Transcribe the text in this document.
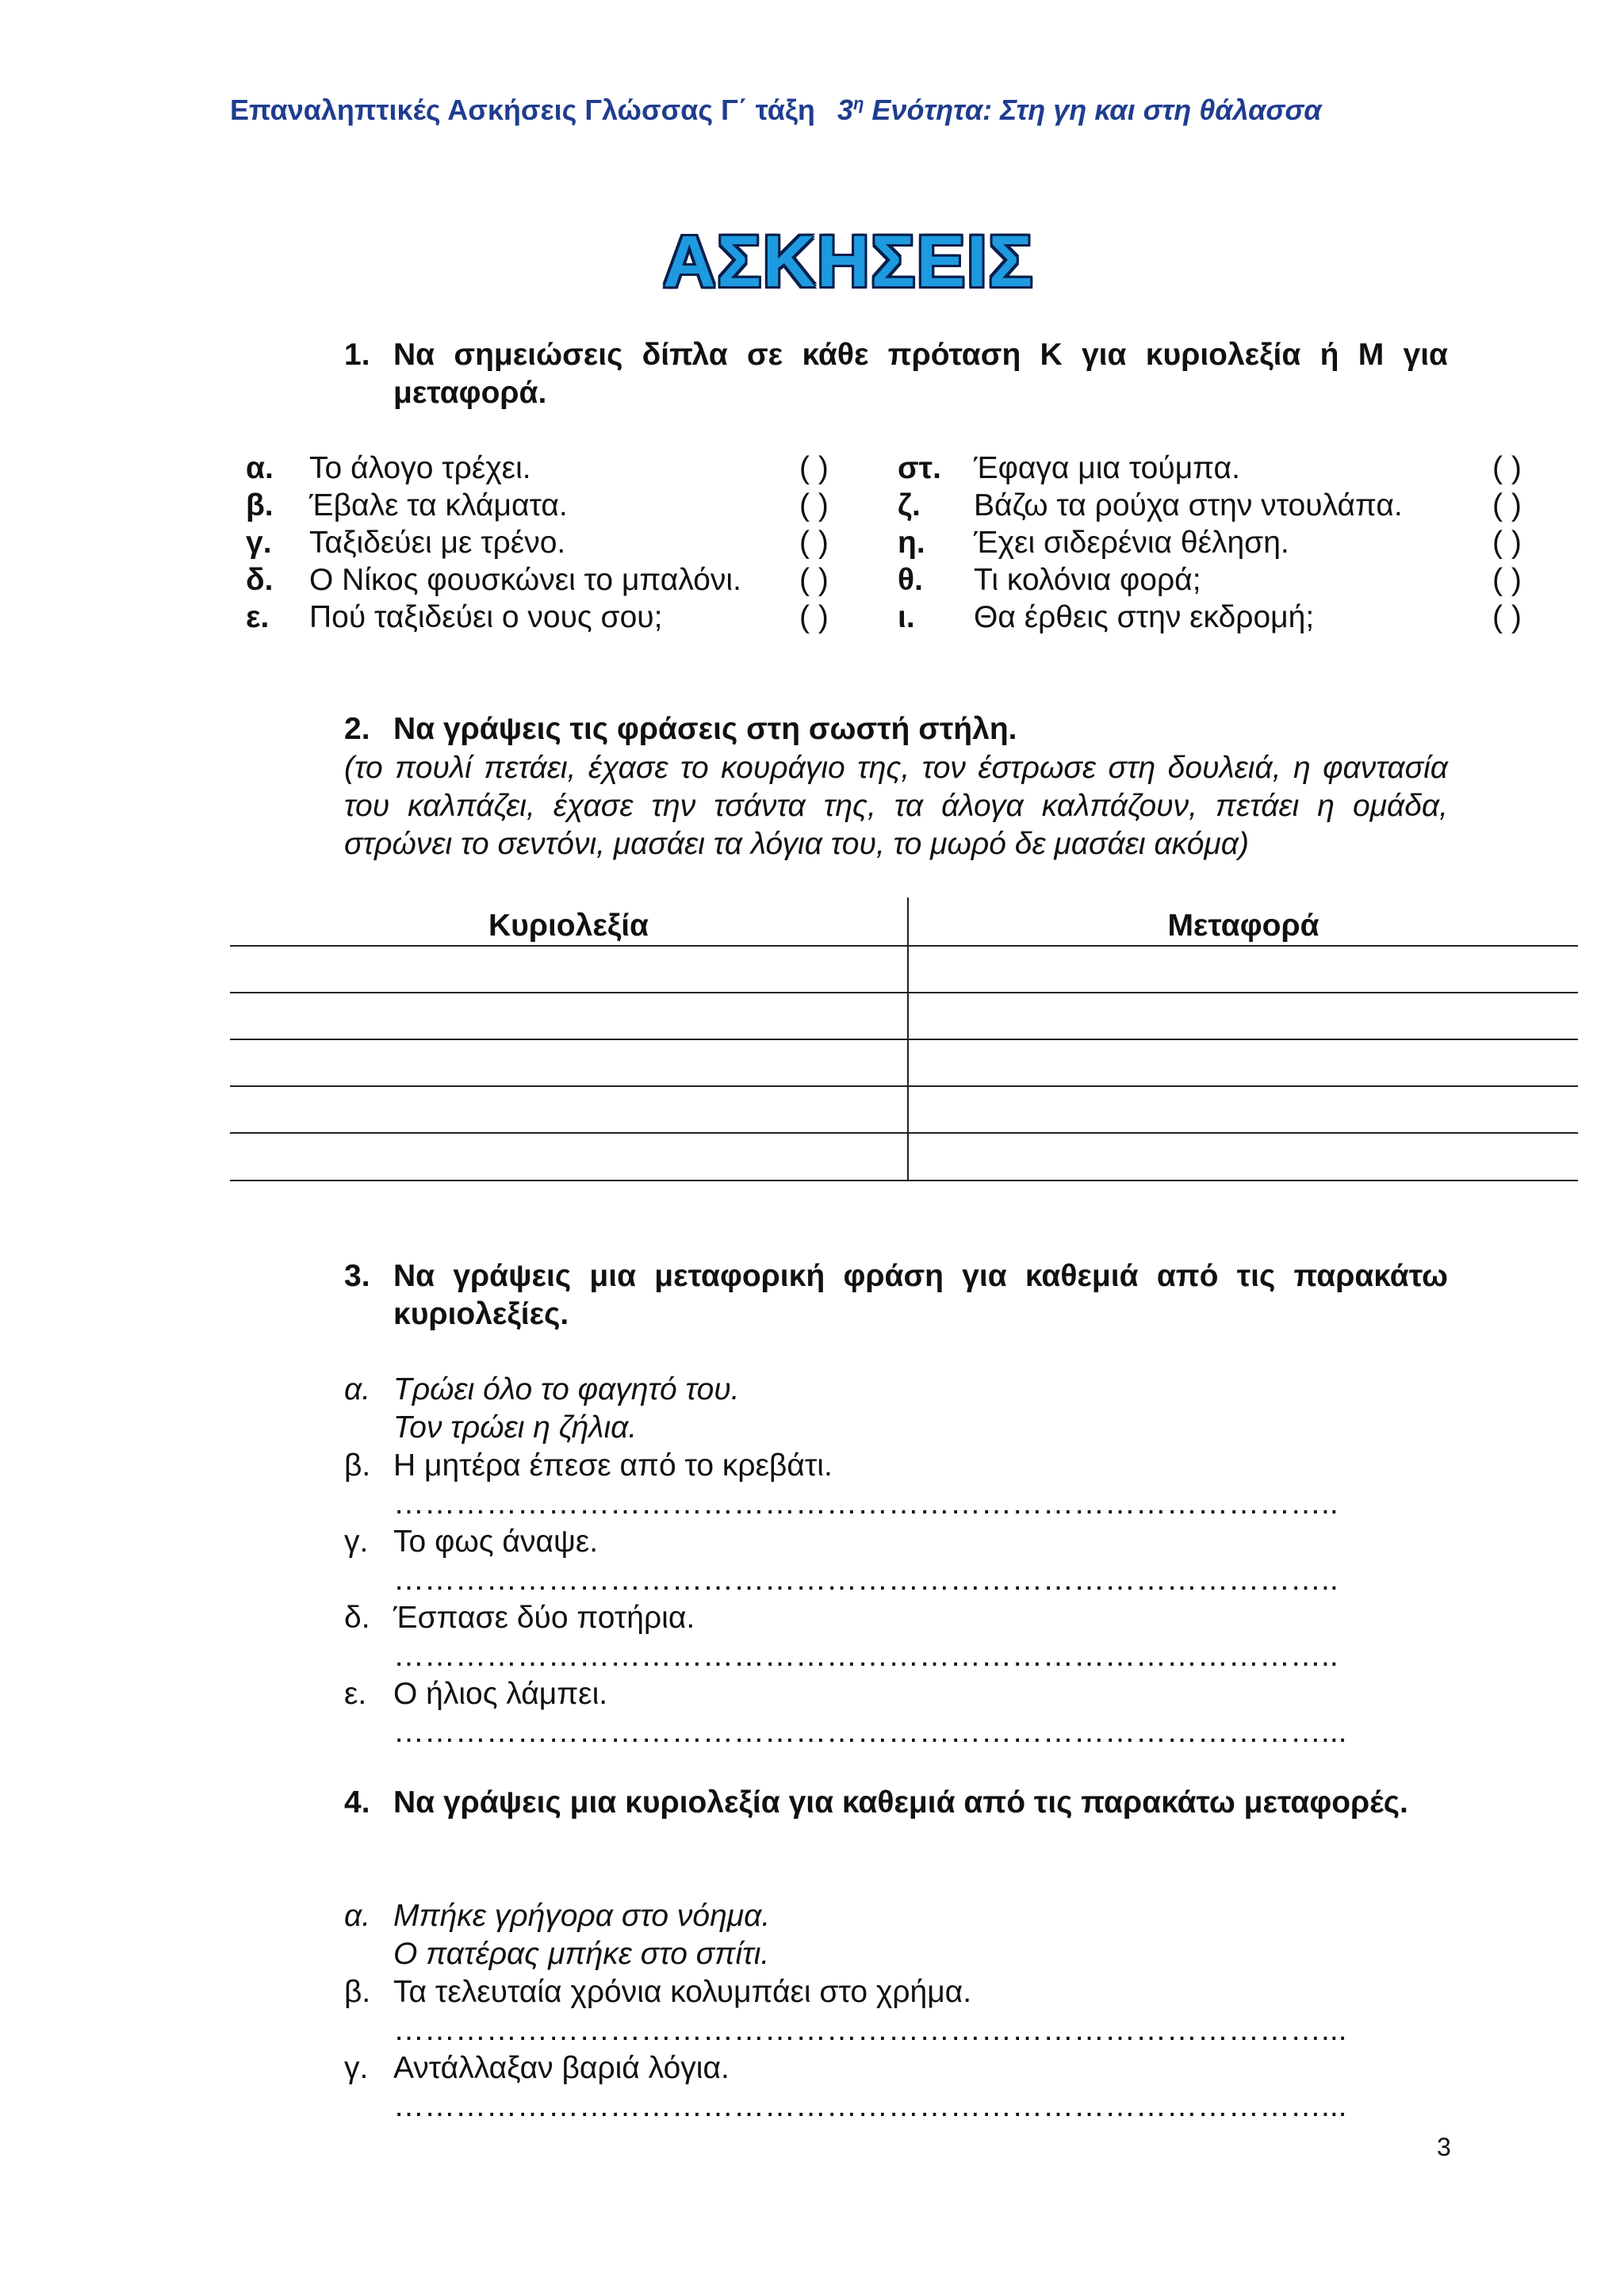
Επαναληπτικές Ασκήσεις Γλώσσας Γ΄ τάξη $3^\eta$ Ενότητα: Στη γη και στη θάλασσα
ΑΣΚΗΣΕΙΣ
1. Να σημειώσεις δίπλα σε κάθε πρόταση Κ για κυριολεξία ή Μ για μεταφορά.
α. Το άλογο τρέχει.	( ) στ. Έφαγα μια τούμπα.	( )
β. Έβαλε τα κλάματα.	( ) ζ. Βάζω τα ρούχα στην ντουλάπα.	( )
γ. Ταξιδεύει με τρένο.	( ) η. Έχει σιδερένια θέληση.	( )
δ. Ο Νίκος φουσκώνει το μπαλόνι. ( ) θ. Τι κολόνια φορά;	( )
ε. Πού ταξιδεύει ο νους σου;	( ) ι. Θα έρθεις στην εκδρομή;	( )
2. Να γράψεις τις φράσεις στη σωστή στήλη.
(το πουλί πετάει, έχασε το κουράγιο της, τον έστρωσε στη δουλειά, η φαντασία του καλπάζει, έχασε την τσάντα της, τα άλογα καλπάζουν, πετάει η ομάδα, στρώνει το σεντόνι, μασάει τα λόγια του, το μωρό δε μασάει ακόμα)
Κυριολεξία	Μεταφορά
3. Να γράψεις μια μεταφορική φράση για καθεμιά από τις παρακάτω κυριολεξίες.
α. Τρώει όλο το φαγητό του.
Τον τρώει η ζήλια.
β. Η μητέρα έπεσε από το κρεβάτι.
………………………………………………………………………………..
γ. Το φως άναψε.
………………………………………………………………………………..
δ. Έσπασε δύο ποτήρια.
………………………………………………………………………………..
ε. Ο ήλιος λάμπει.
………………………………………………………………………………...
4. Να γράψεις μια κυριολεξία για καθεμιά από τις παρακάτω μεταφορές.
α. Μπήκε γρήγορα στο νόημα.
Ο πατέρας μπήκε στο σπίτι.
β. Τα τελευταία χρόνια κολυμπάει στο χρήμα.
………………………………………………………………………………...
γ. Αντάλλαξαν βαριά λόγια.
………………………………………………………………………………...
3
